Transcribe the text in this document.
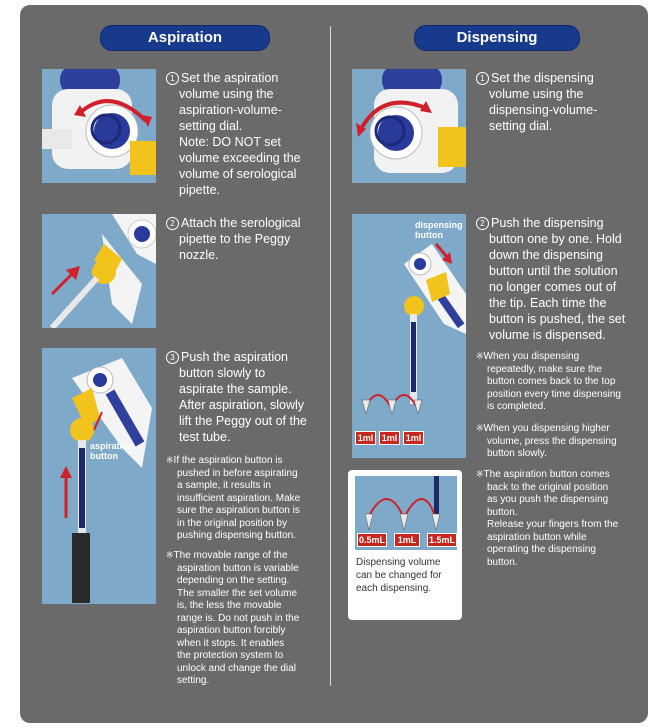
Aspiration	Dispensing
1 Set the aspiration
volume using the
aspiration-volume-
setting dial.
Note: DO NOT set
volume exceeding the
volume of serological
pipette.
2 Attach the serological
pipette to the Peggy
nozzle.
aspiration
button
3 Push the aspiration
button slowly to
aspirate the sample.
After aspiration, slowly
lift the Peggy out of the
test tube.
※If the aspiration button is
pushed in before aspirating
a sample, it results in
insufficient aspiration. Make
sure the aspiration button is
in the original position by
pushing dispensing button.
※The movable range of the
aspiration button is variable
depending on the setting.
The smaller the set volume
is, the less the movable
range is. Do not push in the
aspiration button forcibly
when it stops. It enables
the protection system to
unlock and change the dial
setting.
1 Set the dispensing
volume using the
dispensing-volume-
setting dial.
dispensing
button
1ml 1ml 1ml
2 Push the dispensing
button one by one. Hold
down the dispensing
button until the solution
no longer comes out of
the tip. Each time the
button is pushed, the set
volume is dispensed.
※When you dispensing
repeatedly, make sure the
button comes back to the top
position every time dispensing
is completed.
※When you dispensing higher
volume, press the dispensing
button slowly.
※The aspiration button comes
back to the original position
as you push the dispensing
button.
Release your fingers from the
aspiration button while
operating the dispensing
button.
0.5mL	1mL	1.5mL
Dispensing volume
can be changed for
each dispensing.
